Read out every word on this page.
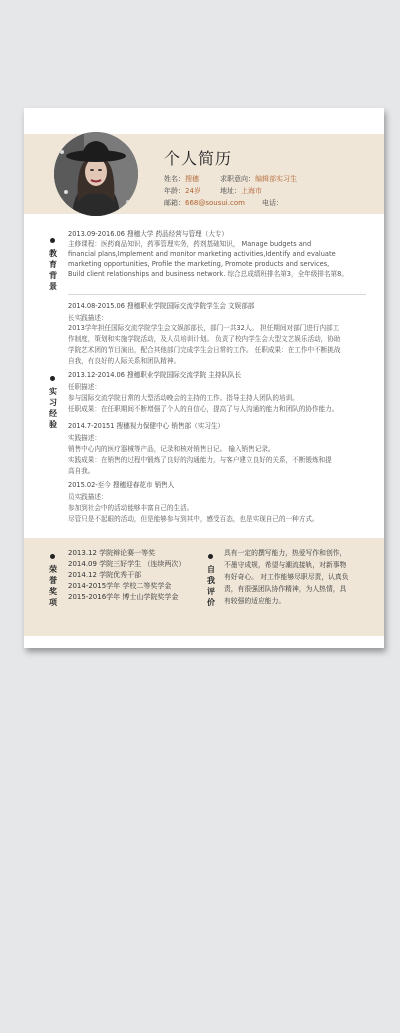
个人简历
姓名：搜穗	求职意向：编辑部实习生
年龄：24岁	地址：上海市
邮箱：668@sousui.com 电话：
教
育
背
景
2013.09-2016.06 搜穗大学 药品经营与管理（大专）
主修课程：医药商品知识，药事管理实务，药剂基础知识， Manage budgets and
financial plans,Implement and monitor marketing activities,Identify and evaluate
marketing opportunities, Profile the marketing, Promote products and services,
Build client relationships and business network. 综合总成绩班排名第3，全年级排名第8。
实
习
经
验
2014.08-2015.06 搜穗职业学院国际交流学院学生会 文娱部部
长实践描述：
2013学年担任国际交流学院学生会文娱部部长，部门一共32人。 担任期间对部门进行内部工
作制度，策划和实施学院活动，及人员培训计划。 负责了校内学生会大型文艺娱乐活动，协助
学院艺术团的节目演出，配合其他部门完成学生会日常的工作。 任职成果：在工作中不断挑战
自我，有良好的人际关系和团队精神。
2013.12-2014.06 搜穗职业学院国际交流学院 主持队队长
任职描述：
参与国际交流学院日常的大型活动晚会的主持的工作。指导主持人团队的培训。
任职成果：在任职期间不断增强了个人的自信心，提高了与人沟通的能力和团队的协作能力。
2014.7-20151 搜穗视力保健中心 销售部（实习生）
实践描述：
销售中心内的医疗器械等产品，记录和核对销售日记。 输入销售记录。
实践成果：在销售的过程中锻炼了良好的沟通能力，与客户建立良好的关系，不断锻炼和提
高自我。
2015.02-至今 搜穗迎春花市 销售人
员实践描述：
参加到社会中的活动能够丰富自己的生活。
尽管只是不起眼的活动，但是能够参与到其中，感受百态，也是实现自己的一种方式。
荣
誉
奖
项
2013.12 学院辩论赛一等奖
2014.09 学院三好学生 （连续两次）
2014.12 学院优秀干部
2014-2015学年 学校二等奖学金
2015-2016学年 博士山学院奖学金
自
我
评
价
具有一定的撰写能力，热爱写作和创作，
不墨守成规，希望与潮流接轨，对新事物
有好奇心。 对工作能够尽职尽责，认真负
责，有很强团队协作精神，为人热情，具
有较强的适应能力。
